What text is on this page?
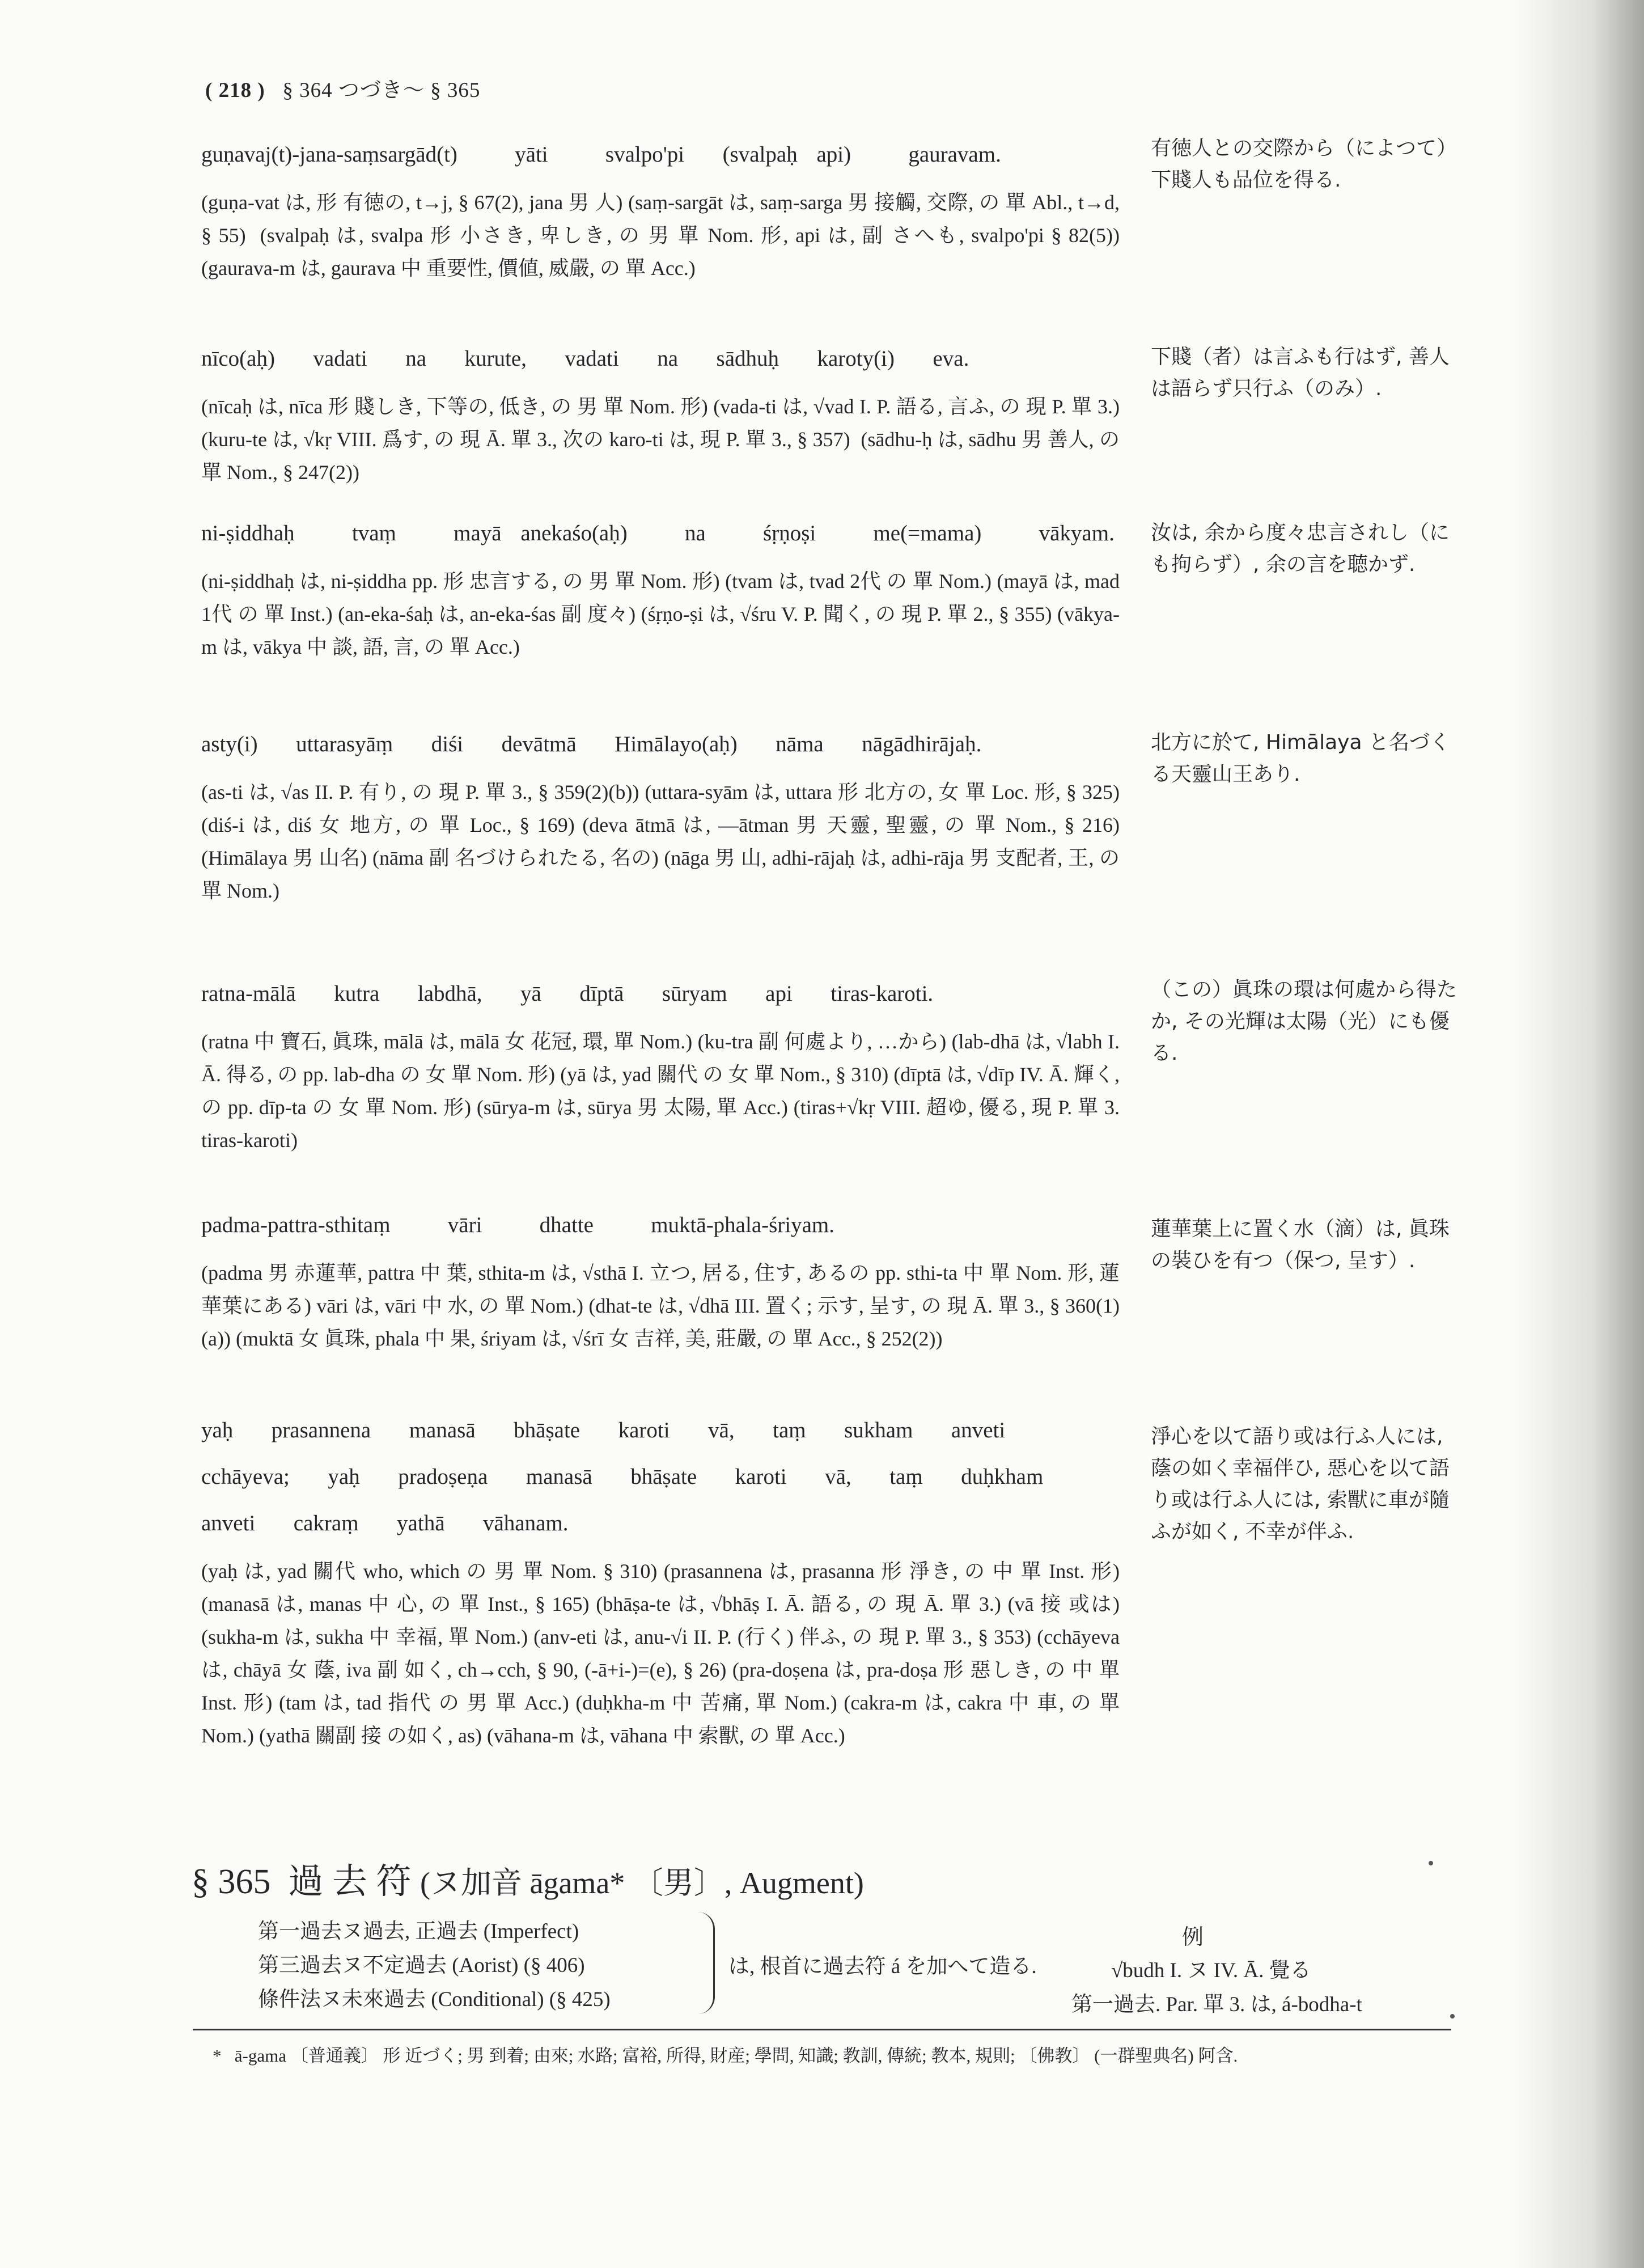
( 218 ) § 364 つづき～ § 365
guṇavaj(t)-jana-saṃsargād(t)   yāti   svalpo'pi  (svalpaḥ api)   gauravam.
(guṇa-vat は, 形 有徳の, t→j, § 67(2), jana 男 人) (saṃ-sargāt は, saṃ-sarga 男 接觸, 交際, の 單 Abl., t→d, § 55)  (svalpaḥ は, svalpa 形 小さき, 卑しき, の 男 單 Nom. 形, api は, 副 さへも, svalpo'pi § 82(5))  (gaurava-m は, gaurava 中 重要性, 價値, 威嚴, の 單 Acc.)
有徳人との交際から（によつて）下賤人も品位を得る.
nīco(aḥ)  vadati  na  kurute,  vadati  na  sādhuḥ  karoty(i)  eva.
(nīcaḥ は, nīca 形 賤しき, 下等の, 低き, の 男 單 Nom. 形) (vada-ti は, √vad I. P. 語る, 言ふ, の 現 P. 單 3.) (kuru-te は, √kṛ VIII. 爲す, の 現 Ā. 單 3., 次の karo-ti は, 現 P. 單 3., § 357)  (sādhu-ḥ は, sādhu 男 善人, の 單 Nom., § 247(2))
下賤（者）は言ふも行はず, 善人は語らず只行ふ（のみ）.
ni-ṣiddhaḥ   tvaṃ   mayā anekaśo(aḥ)   na   śṛṇoṣi   me(=mama)   vākyam.
(ni-ṣiddhaḥ は, ni-ṣiddha pp. 形 忠言する, の 男 單 Nom. 形) (tvam は, tvad 2代 の 單 Nom.) (mayā は, mad 1代 の 單 Inst.) (an-eka-śaḥ は, an-eka-śas 副 度々) (śṛṇo-ṣi は, √śru V. P. 聞く, の 現 P. 單 2., § 355) (vākya-m は, vākya 中 談, 語, 言, の 單 Acc.)
汝は, 余から度々忠言されし（にも拘らず）, 余の言を聴かず.
asty(i)  uttarasyāṃ  diśi  devātmā  Himālayo(aḥ)  nāma  nāgādhirājaḥ.
(as-ti は, √as II. P. 有り, の 現 P. 單 3., § 359(2)(b)) (uttara-syām は, uttara 形 北方の, 女 單 Loc. 形, § 325) (diś-i は, diś 女 地方, の 單 Loc., § 169) (deva ātmā は, —ātman 男 天靈, 聖靈, の 單 Nom., § 216) (Himālaya 男 山名) (nāma 副 名づけられたる, 名の) (nāga 男 山, adhi-rājaḥ は, adhi-rāja 男 支配者, 王, の 單 Nom.)
北方に於て, Himālaya と名づくる天靈山王あり.
ratna-mālā  kutra  labdhā,  yā  dīptā  sūryam  api  tiras-karoti.
(ratna 中 寶石, 眞珠, mālā は, mālā 女 花冠, 環, 單 Nom.) (ku-tra 副 何處より, …から) (lab-dhā は, √labh I. Ā. 得る, の pp. lab-dha の 女 單 Nom. 形) (yā は, yad 關代 の 女 單 Nom., § 310) (dīptā は, √dīp IV. Ā. 輝く, の pp. dīp-ta の 女 單 Nom. 形) (sūrya-m は, sūrya 男 太陽, 單 Acc.) (tiras+√kṛ VIII. 超ゆ, 優る, 現 P. 單 3. tiras-karoti)
（この）眞珠の環は何處から得たか, その光輝は太陽（光）にも優る.
padma-pattra-sthitaṃ   vāri   dhatte   muktā-phala-śriyam.
(padma 男 赤蓮華, pattra 中 葉, sthita-m は, √sthā I. 立つ, 居る, 住す, あるの pp. sthi-ta 中 單 Nom. 形, 蓮華葉にある) vāri は, vāri 中 水, の 單 Nom.) (dhat-te は, √dhā III. 置く; 示す, 呈す, の 現 Ā. 單 3., § 360(1)(a)) (muktā 女 眞珠, phala 中 果, śriyam は, √śrī 女 吉祥, 美, 莊嚴, の 單 Acc., § 252(2))
蓮華葉上に置く水（滴）は, 眞珠の裝ひを有つ（保つ, 呈す）.
yaḥ  prasannena  manasā  bhāṣate  karoti  vā,  taṃ  sukham  anveti
cchāyeva;  yaḥ  pradoṣeṇa  manasā  bhāṣate  karoti  vā,  taṃ  duḥkham
anveti  cakraṃ  yathā  vāhanam.
(yaḥ は, yad 關代 who, which の 男 單 Nom. § 310) (prasannena は, prasanna 形 淨き, の 中 單 Inst. 形) (manasā は, manas 中 心, の 單 Inst., § 165) (bhāṣa-te は, √bhāṣ I. Ā. 語る, の 現 Ā. 單 3.) (vā 接 或は) (sukha-m は, sukha 中 幸福, 單 Nom.) (anv-eti は, anu-√i II. P. (行く) 伴ふ, の 現 P. 單 3., § 353) (cchāyeva は, chāyā 女 蔭, iva 副 如く, ch→cch, § 90, (-ā+i-)=(e), § 26) (pra-doṣena は, pra-doṣa 形 惡しき, の 中 單 Inst. 形) (tam は, tad 指代 の 男 單 Acc.) (duḥkha-m 中 苦痛, 單 Nom.) (cakra-m は, cakra 中 車, の 單 Nom.) (yathā 關副 接 の如く, as) (vāhana-m は, vāhana 中 索獸, の 單 Acc.)
淨心を以て語り或は行ふ人には, 蔭の如く幸福伴ひ, 惡心を以て語り或は行ふ人には, 索獸に車が隨ふが如く, 不幸が伴ふ.
§ 365 過 去 符 (ヌ加音 āgama* 〔男〕, Augment)
第一過去ヌ過去, 正過去 (Imperfect)
第三過去ヌ不定過去 (Aorist) (§ 406)
條件法ヌ未來過去 (Conditional) (§ 425)
は, 根首に過去符 á を加へて造る.
例
√budh I. ヌ IV. Ā. 覺る
第一過去. Par. 單 3. は, á-bodha-t
*   ā-gama 〔普通義〕 形 近づく; 男 到着; 由來; 水路; 富裕, 所得, 財産; 學問, 知識; 教訓, 傳統; 教本, 規則; 〔佛教〕 (一群聖典名) 阿含.
